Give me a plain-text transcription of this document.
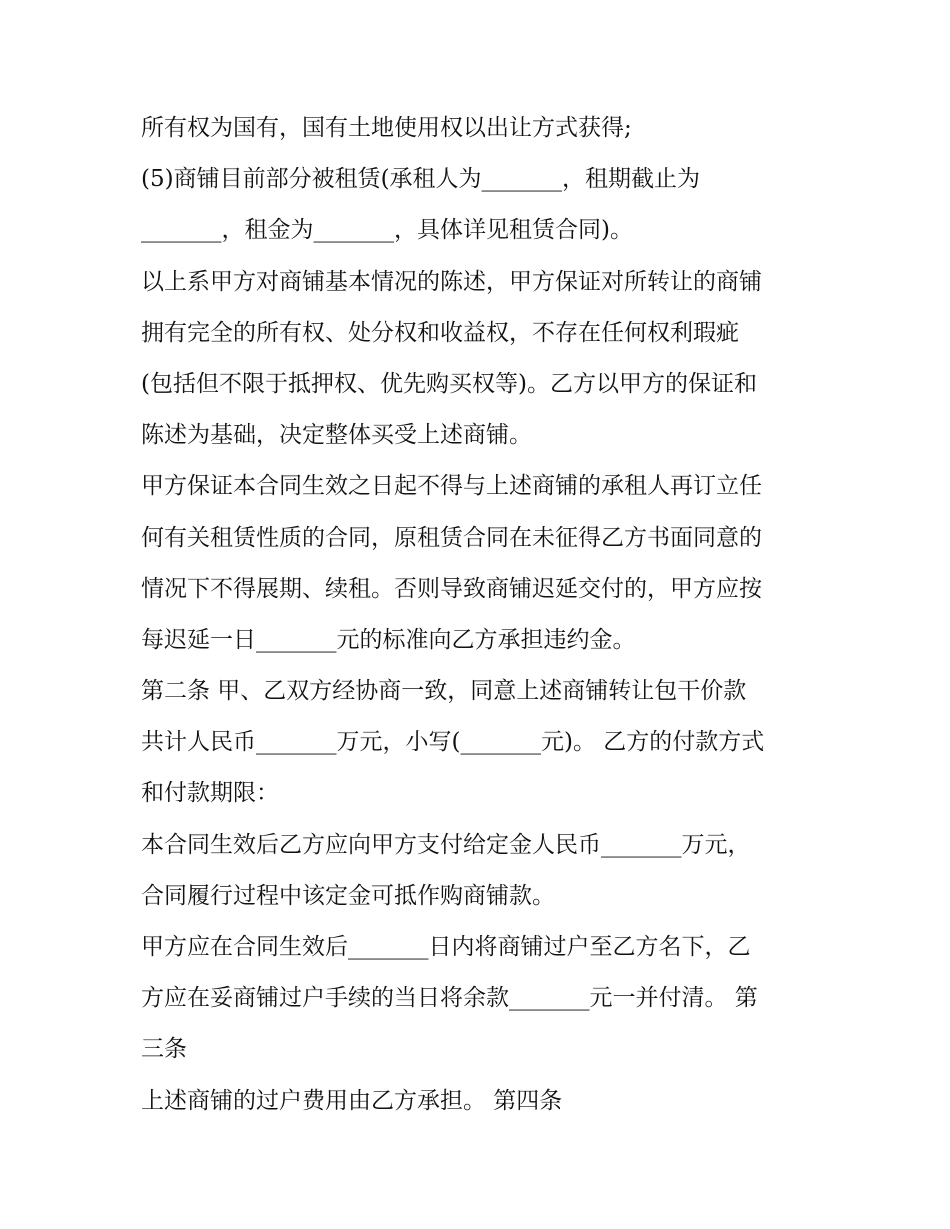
所有权为国有，国有土地使用权以出让方式获得;

(5)商铺目前部分被租赁(承租人为_______，租期截止为

_______，租金为_______，具体详见租赁合同)。

以上系甲方对商铺基本情况的陈述，甲方保证对所转让的商铺

拥有完全的所有权、处分权和收益权，不存在任何权利瑕疵

(包括但不限于抵押权、优先购买权等)。乙方以甲方的保证和

陈述为基础，决定整体买受上述商铺。

甲方保证本合同生效之日起不得与上述商铺的承租人再订立任

何有关租赁性质的合同，原租赁合同在未征得乙方书面同意的

情况下不得展期、续租。否则导致商铺迟延交付的，甲方应按

每迟延一日_______元的标准向乙方承担违约金。

第二条 甲、乙双方经协商一致，同意上述商铺转让包干价款

共计人民币_______万元，小写(_______元)。 乙方的付款方式

和付款期限：

本合同生效后乙方应向甲方支付给定金人民币_______万元，

合同履行过程中该定金可抵作购商铺款。

甲方应在合同生效后_______日内将商铺过户至乙方名下，乙

方应在妥商铺过户手续的当日将余款_______元一并付清。 第

三条

上述商铺的过户费用由乙方承担。 第四条
